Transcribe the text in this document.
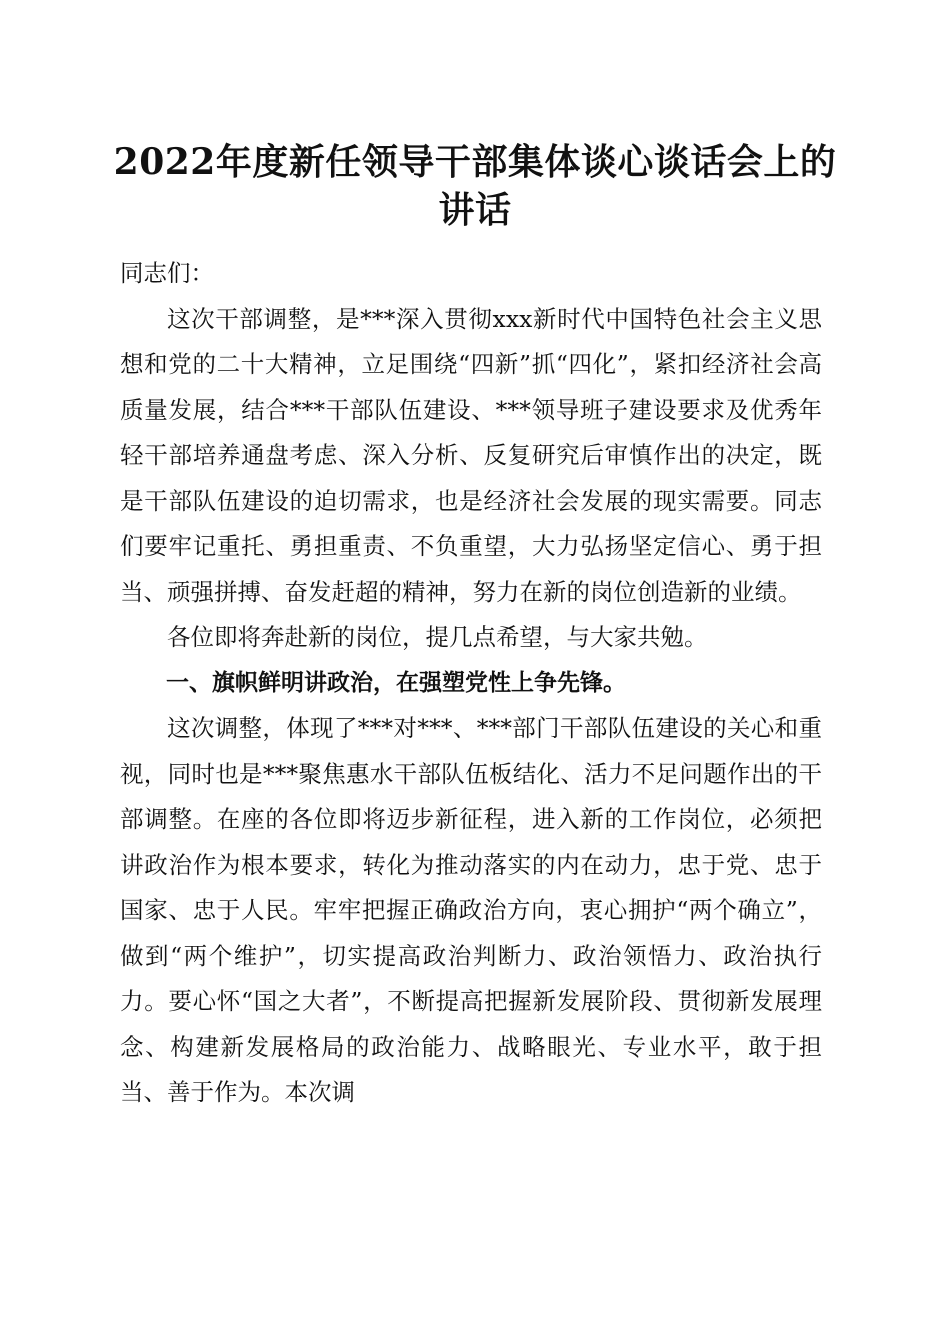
2022年度新任领导干部集体谈心谈话会上的
讲话

同志们：

这次干部调整，是***深入贯彻xxx新时代中国特色社会主义思想和党的二十大精神，立足围绕“四新”抓“四化”，紧扣经济社会高质量发展，结合***干部队伍建设、***领导班子建设要求及优秀年轻干部培养通盘考虑、深入分析、反复研究后审慎作出的决定，既是干部队伍建设的迫切需求，也是经济社会发展的现实需要。同志们要牢记重托、勇担重责、不负重望，大力弘扬坚定信心、勇于担当、顽强拼搏、奋发赶超的精神，努力在新的岗位创造新的业绩。

各位即将奔赴新的岗位，提几点希望，与大家共勉。

一、旗帜鲜明讲政治，在强塑党性上争先锋。

这次调整，体现了***对***、***部门干部队伍建设的关心和重视，同时也是***聚焦惠水干部队伍板结化、活力不足问题作出的干部调整。在座的各位即将迈步新征程，进入新的工作岗位，必须把讲政治作为根本要求，转化为推动落实的内在动力，忠于党、忠于国家、忠于人民。牢牢把握正确政治方向，衷心拥护“两个确立”，做到“两个维护”，切实提高政治判断力、政治领悟力、政治执行力。要心怀“国之大者”，不断提高把握新发展阶段、贯彻新发展理念、构建新发展格局的政治能力、战略眼光、专业水平，敢于担当、善于作为。本次调
